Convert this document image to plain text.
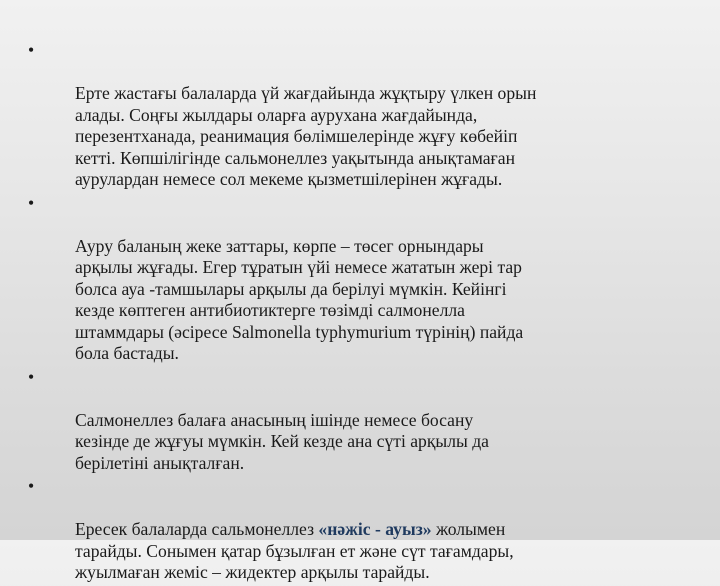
•

Ерте жастағы балаларда үй жағдайында жұқтыру үлкен орын
алады. Соңғы жылдары оларға аурухана жағдайында,
перезентханада, реанимация бөлімшелерінде жұғу көбейіп
кетті. Көпшілігінде сальмонеллез уақытында анықтамаған
аурулардан немесе сол мекеме қызметшілерінен жұғады.

•

Ауру баланың жеке заттары, көрпе – төсег орнындары
арқылы жұғады. Егер тұратын үйі немесе жататын жері тар
болса ауа -тамшылары арқылы да берілуі мүмкін. Кейінгі
кезде көптеген антибиотиктерге төзімді салмонелла
штаммдары (әсіресе Salmonella typhymurium түрінің) пайда
бола бастады.

•

Салмонеллез балаға анасының ішінде немесе босану
кезінде де жұғуы мүмкін. Кей кезде ана сүті арқылы да
берілетіні анықталған.

•

Ересек балаларда сальмонеллез «нәжіс - ауыз» жолымен
тарайды. Сонымен қатар бұзылған ет және сүт тағамдары,
жуылмаған жеміс – жидектер арқылы тарайды.
